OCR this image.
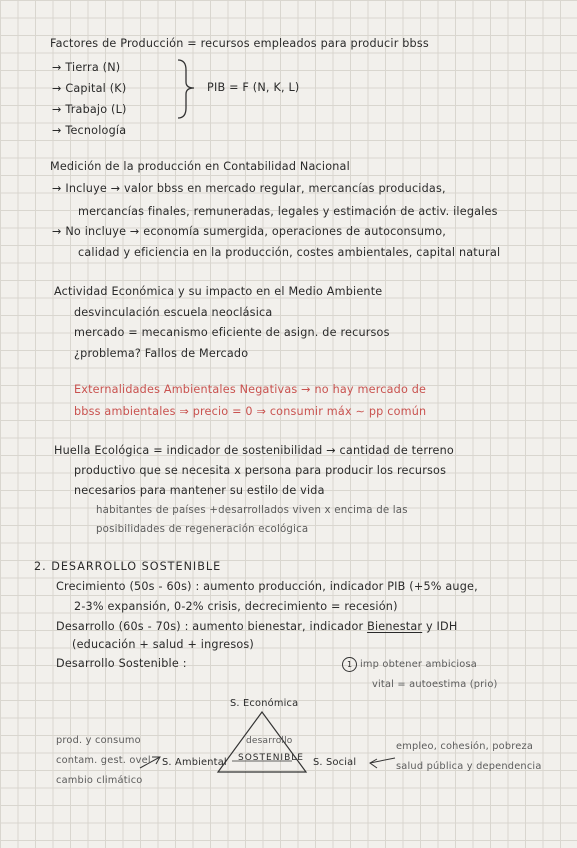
Factores de Producción = recursos empleados para producir bbss
→ Tierra (N)
→ Capital (K)
→ Trabajo (L)
→ Tecnología
PIB = F (N, K, L)
Medición de la producción en Contabilidad Nacional
→ Incluye → valor bbss en mercado regular, mercancías producidas,
mercancías finales, remuneradas, legales y estimación de activ. ilegales
→ No incluye → economía sumergida, operaciones de autoconsumo,
calidad y eficiencia en la producción, costes ambientales, capital natural
Actividad Económica y su impacto en el Medio Ambiente
desvinculación escuela neoclásica
mercado = mecanismo eficiente de asign. de recursos
¿problema? Fallos de Mercado
Externalidades Ambientales Negativas → no hay mercado de
bbss ambientales ⇒ precio = 0 ⇒ consumir máx ∼ pp común
Huella Ecológica = indicador de sostenibilidad → cantidad de terreno
productivo que se necesita x persona para producir los recursos
necesarios para mantener su estilo de vida
habitantes de países +desarrollados viven x encima de las
posibilidades de regeneración ecológica
2. DESARROLLO SOSTENIBLE
Crecimiento (50s - 60s) : aumento producción, indicador PIB (+5% auge,
2-3% expansión, 0-2% crisis, decrecimiento = recesión)
Desarrollo (60s - 70s) : aumento bienestar, indicador Bienestar y IDH
(educación + salud + ingresos)
Desarrollo Sostenible :	1 imp obtener ambiciosa
vital = autoestima (prio)
S. Económica
desarrollo
SOSTENIBLE
S. Ambiental	S. Social
prod. y consumo
contam. gest. ovel
cambio climático
empleo, cohesión, pobreza
salud pública y dependencia
